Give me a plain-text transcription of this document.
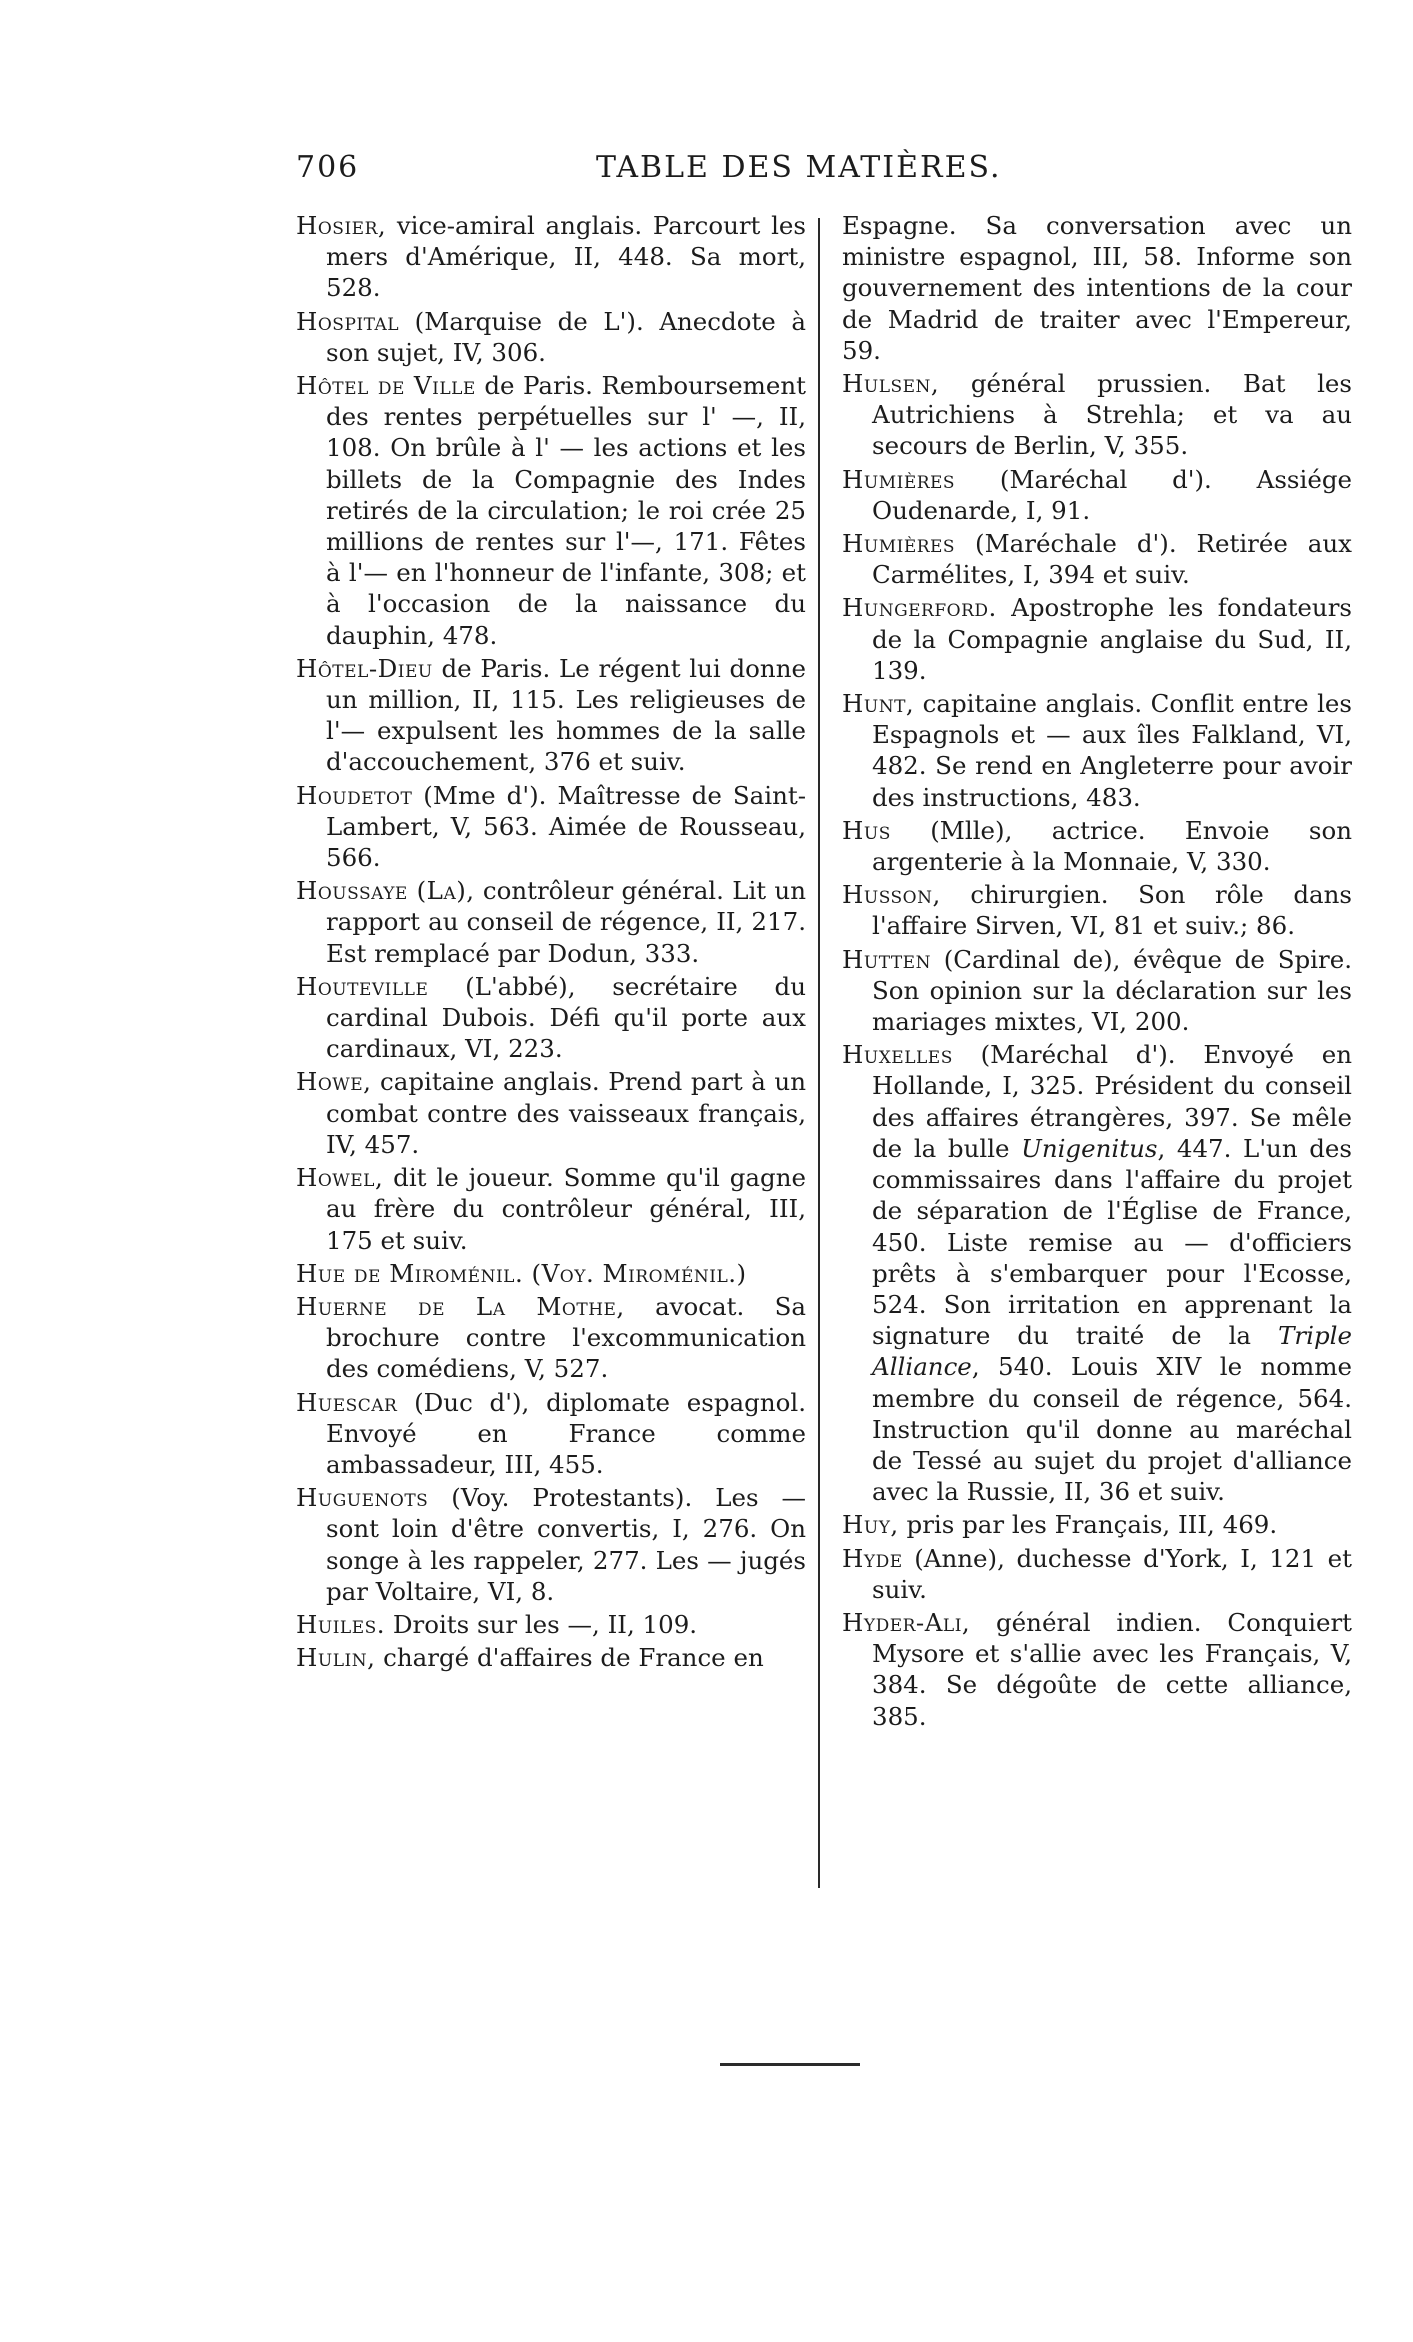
706	TABLE DES MATIÈRES.

Hosier, vice-amiral anglais. Parcourt les mers d'Amérique, II, 448. Sa mort, 528.

Hospital (Marquise de L'). Anecdote à son sujet, IV, 306.

Hôtel de Ville de Paris. Remboursement des rentes perpétuelles sur l' —, II, 108. On brûle à l' — les actions et les billets de la Compagnie des Indes retirés de la circulation; le roi crée 25 millions de rentes sur l'—, 171. Fêtes à l'— en l'honneur de l'infante, 308; et à l'occasion de la naissance du dauphin, 478.

Hôtel-Dieu de Paris. Le régent lui donne un million, II, 115. Les religieuses de l'— expulsent les hommes de la salle d'accouchement, 376 et suiv.

Houdetot (Mme d'). Maîtresse de Saint-Lambert, V, 563. Aimée de Rousseau, 566.

Houssaye (La), contrôleur général. Lit un rapport au conseil de régence, II, 217. Est remplacé par Dodun, 333.

Houteville (L'abbé), secrétaire du cardinal Dubois. Défi qu'il porte aux cardinaux, VI, 223.

Howe, capitaine anglais. Prend part à un combat contre des vaisseaux français, IV, 457.

Howel, dit le joueur. Somme qu'il gagne au frère du contrôleur général, III, 175 et suiv.

Hue de Miroménil. (Voy. Miroménil.)

Huerne de La Mothe, avocat. Sa brochure contre l'excommunication des comédiens, V, 527.

Huescar (Duc d'), diplomate espagnol. Envoyé en France comme ambassadeur, III, 455.

Huguenots (Voy. Protestants). Les — sont loin d'être convertis, I, 276. On songe à les rappeler, 277. Les — jugés par Voltaire, VI, 8.

Huiles. Droits sur les —, II, 109.

Hulin, chargé d'affaires de France en

Espagne. Sa conversation avec un ministre espagnol, III, 58. Informe son gouvernement des intentions de la cour de Madrid de traiter avec l'Empereur, 59.

Hulsen, général prussien. Bat les Autrichiens à Strehla; et va au secours de Berlin, V, 355.

Humières (Maréchal d'). Assiége Oudenarde, I, 91.

Humières (Maréchale d'). Retirée aux Carmélites, I, 394 et suiv.

Hungerford. Apostrophe les fondateurs de la Compagnie anglaise du Sud, II, 139.

Hunt, capitaine anglais. Conflit entre les Espagnols et — aux îles Falkland, VI, 482. Se rend en Angleterre pour avoir des instructions, 483.

Hus (Mlle), actrice. Envoie son argenterie à la Monnaie, V, 330.

Husson, chirurgien. Son rôle dans l'affaire Sirven, VI, 81 et suiv.; 86.

Hutten (Cardinal de), évêque de Spire. Son opinion sur la déclaration sur les mariages mixtes, VI, 200.

Huxelles (Maréchal d'). Envoyé en Hollande, I, 325. Président du conseil des affaires étrangères, 397. Se mêle de la bulle Unigenitus, 447. L'un des commissaires dans l'affaire du projet de séparation de l'Église de France, 450. Liste remise au — d'officiers prêts à s'embarquer pour l'Ecosse, 524. Son irritation en apprenant la signature du traité de la Triple Alliance, 540. Louis XIV le nomme membre du conseil de régence, 564. Instruction qu'il donne au maréchal de Tessé au sujet du projet d'alliance avec la Russie, II, 36 et suiv.

Huy, pris par les Français, III, 469.

Hyde (Anne), duchesse d'York, I, 121 et suiv.

Hyder-Ali, général indien. Conquiert Mysore et s'allie avec les Français, V, 384. Se dégoûte de cette alliance, 385.
